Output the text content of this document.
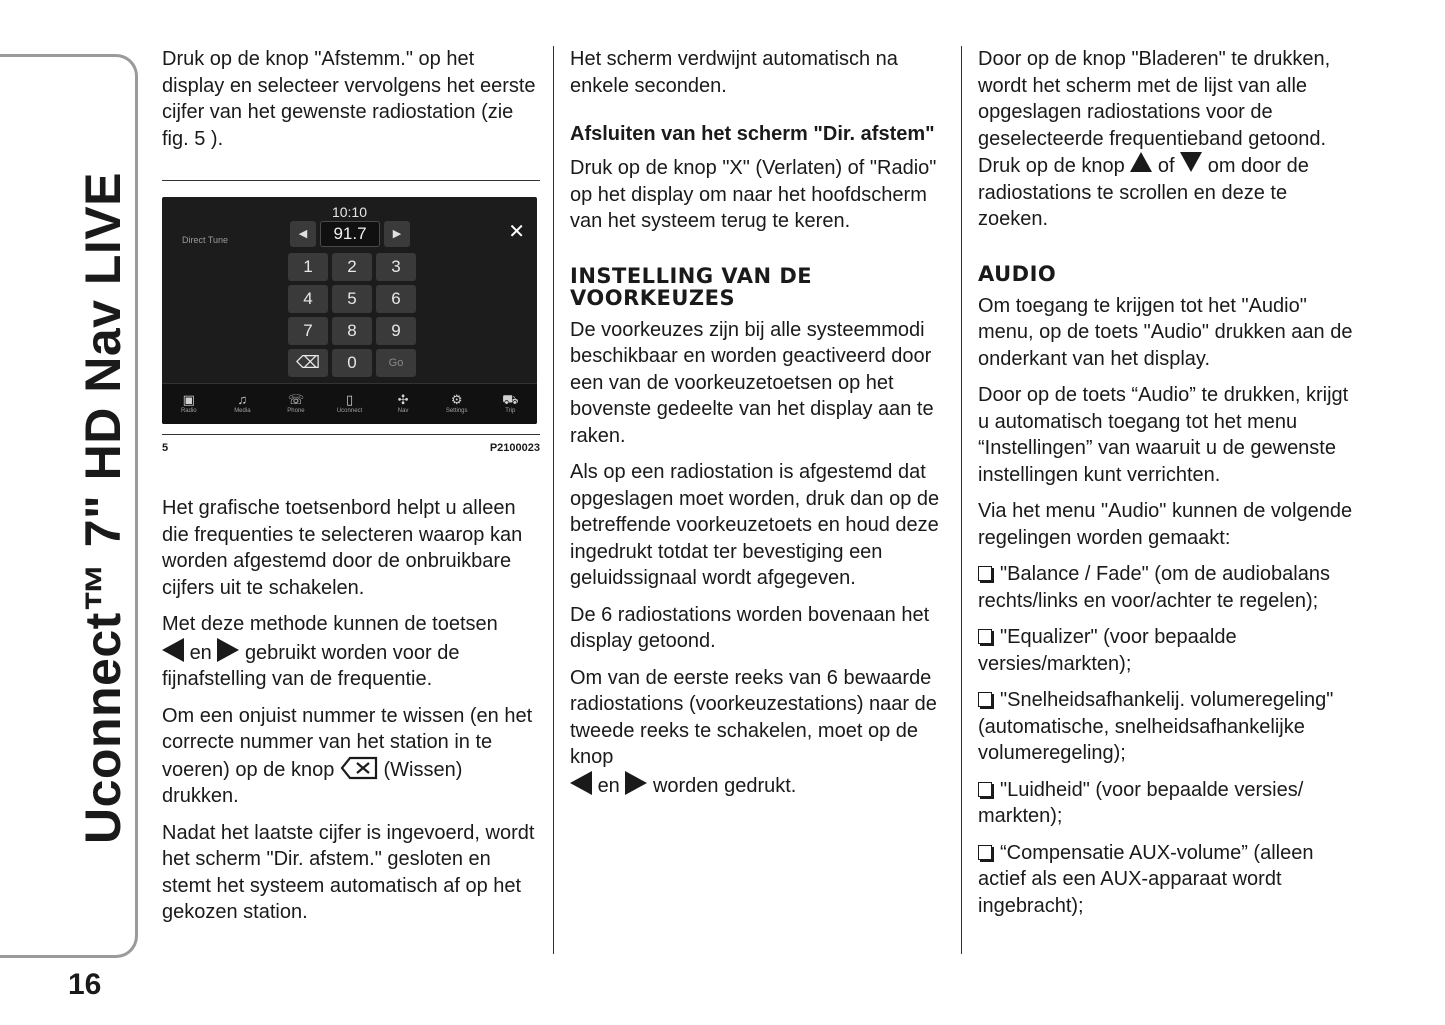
Uconnect™ 7" HD Nav LIVE
16

Druk op de knop "Afstemm." op het display en selecteer vervolgens het eerste cijfer van het gewenste radiostation (zie fig. 5 ).

10:10
Direct Tune	✕
◀	91.7	▶
1	2	3
4	5	6
7	8	9
⌫	0	Go
▣
Radio
♫
Media
☏
Phone
▯
Uconnect
✣
Nav
⚙
Settings
⛟
Trip
5	P2100023

Het grafische toetsenbord helpt u alleen die frequenties te selecteren waarop kan worden afgestemd door de onbruikbare cijfers uit te schakelen.

Met deze methode kunnen de toetsen
en gebruikt worden voor de fijnafstelling van de frequentie.

Om een onjuist nummer te wissen (en het correcte nummer van het station in te voeren) op de knop (Wissen) drukken.

Nadat het laatste cijfer is ingevoerd, wordt het scherm "Dir. afstem." gesloten en stemt het systeem automatisch af op het gekozen station.

Het scherm verdwijnt automatisch na enkele seconden.

Afsluiten van het scherm "Dir. afstem"

Druk op de knop "X" (Verlaten) of "Radio" op het display om naar het hoofdscherm van het systeem terug te keren.

INSTELLING VAN DE VOORKEUZES

De voorkeuzes zijn bij alle systeemmodi beschikbaar en worden geactiveerd door een van de voorkeuzetoetsen op het bovenste gedeelte van het display aan te raken.

Als op een radiostation is afgestemd dat opgeslagen moet worden, druk dan op de betreffende voorkeuzetoets en houd deze ingedrukt totdat ter bevestiging een geluidssignaal wordt afgegeven.

De 6 radiostations worden bovenaan het display getoond.

Om van de eerste reeks van 6 bewaarde radiostations (voorkeuzestations) naar de tweede reeks te schakelen, moet op de knop
en worden gedrukt.

Door op de knop "Bladeren" te drukken, wordt het scherm met de lijst van alle opgeslagen radiostations voor de geselecteerde frequentieband getoond. Druk op de knop of om door de radiostations te scrollen en deze te zoeken.

AUDIO

Om toegang te krijgen tot het "Audio" menu, op de toets "Audio" drukken aan de onderkant van het display.

Door op de toets “Audio” te drukken, krijgt u automatisch toegang tot het menu “Instellingen” van waaruit u de gewenste instellingen kunt verrichten.

Via het menu "Audio" kunnen de volgende regelingen worden gemaakt:

"Balance / Fade" (om de audiobalans rechts/links en voor/achter te regelen);

"Equalizer" (voor bepaalde versies/markten);

"Snelheidsafhankelij. volumeregeling" (automatische, snelheidsafhankelijke volumeregeling);

"Luidheid" (voor bepaalde versies/ markten);

“Compensatie AUX-volume” (alleen actief als een AUX-apparaat wordt ingebracht);
